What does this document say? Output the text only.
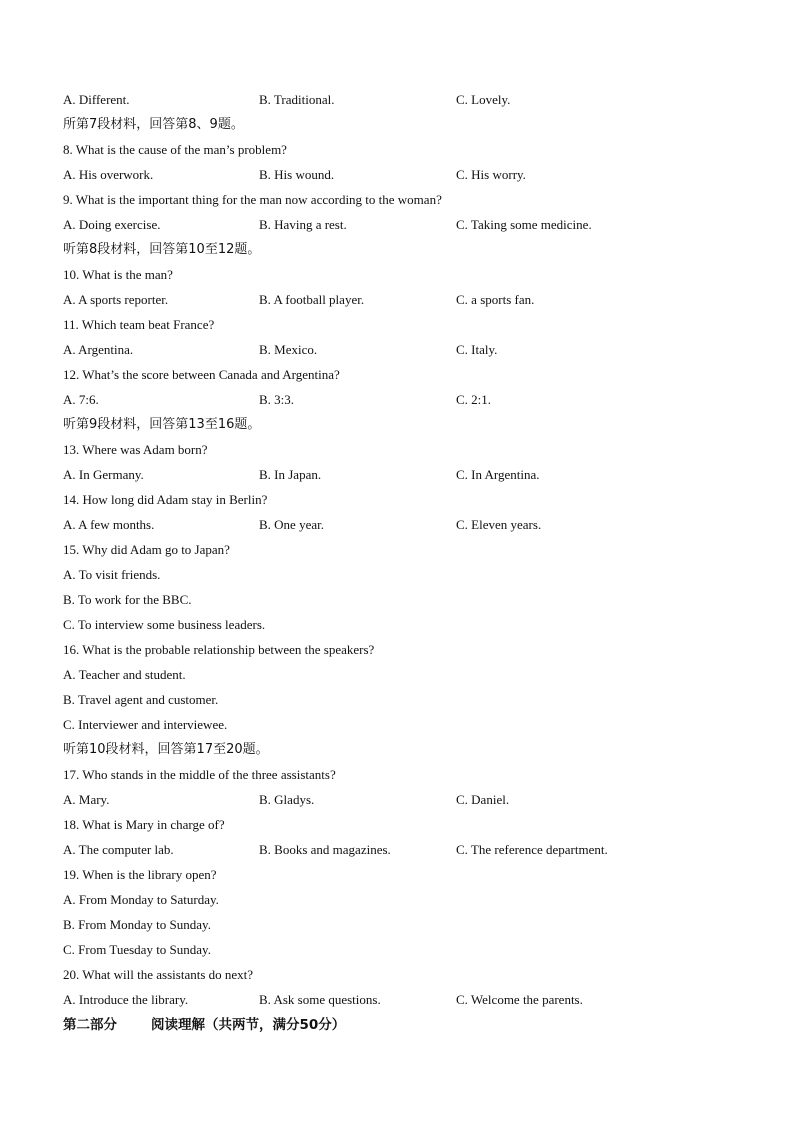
A. Different.	B. Traditional.	C. Lovely.
所第7段材料，回答第8、9题。
8. What is the cause of the man’s problem?
A. His overwork.	B. His wound.	C. His worry.
9. What is the important thing for the man now according to the woman?
A. Doing exercise.	B. Having a rest.	C. Taking some medicine.
听第8段材料，回答第10至12题。
10. What is the man?
A. A sports reporter.	B. A football player.	C. a sports fan.
11. Which team beat France?
A. Argentina.	B. Mexico.	C. Italy.
12. What’s the score between Canada and Argentina?
A. 7:6.	B. 3:3.	C. 2:1.
听第9段材料，回答第13至16题。
13. Where was Adam born?
A. In Germany.	B. In Japan.	C. In Argentina.
14. How long did Adam stay in Berlin?
A. A few months.	B. One year.	C. Eleven years.
15. Why did Adam go to Japan?
A. To visit friends.
B. To work for the BBC.
C. To interview some business leaders.
16. What is the probable relationship between the speakers?
A. Teacher and student.
B. Travel agent and customer.
C. Interviewer and interviewee.
听第10段材料，回答第17至20题。
17. Who stands in the middle of the three assistants?
A. Mary.	B. Gladys.	C. Daniel.
18. What is Mary in charge of?
A. The computer lab.	B. Books and magazines.	C. The reference department.
19. When is the library open?
A. From Monday to Saturday.
B. From Monday to Sunday.
C. From Tuesday to Sunday.
20. What will the assistants do next?
A. Introduce the library.	B. Ask some questions.	C. Welcome the parents.
第二部分	阅读理解（共两节，满分50分）
